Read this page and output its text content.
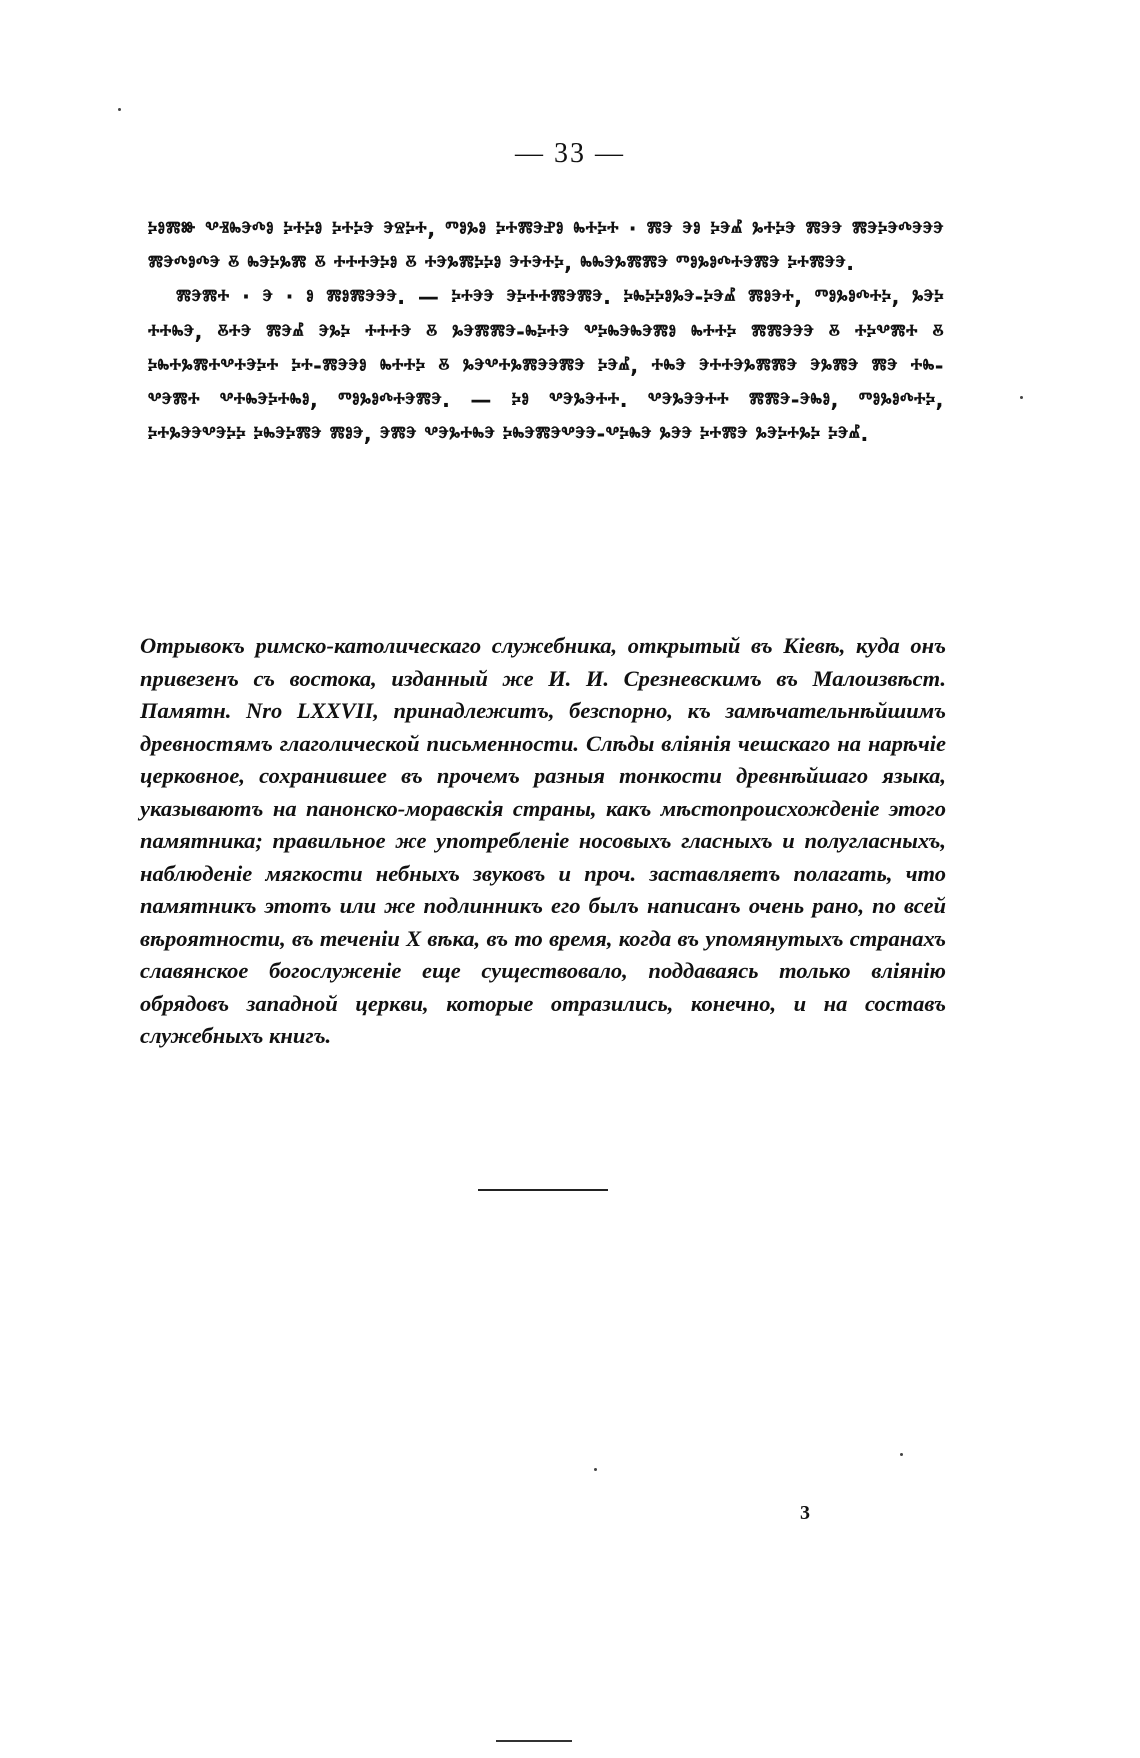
— 33 —

ⰽⱁⰿⱆ ⰲⱐⰸⰵⰴⱁ ⰽⰰⰽⱁ ⰽⰰⰽⰵ ⰵⱄⰽⰰ, ⱅⱁⰳⱁ ⰽⰰⰿⰵⱀⱁ ⰸⰰⰽⰰ · ⰿⰵ ⰵⱁ ⰽⰵⰼ ⰳⰰⰽⰵ ⰿⰵⰵ ⰿⰵⰽⰵⰴⰵⰵⰵ ⰿⰵⰴⱁⰴⰵ ⰻ ⰸⰵⰽⰳⰿ ⰻ ⰰⰰⰰⰵⰽⱁ ⰻ ⰰⰵⰳⰿⰽⰽⱁ ⰵⰰⰵⰰⰽ, ⰸⰸⰵⰳⰿⰿⰵ ⱅⱁⰳⱁⰴⰰⰵⰿⰵ ⰽⰰⰿⰵⰵ.

ⰿⰵⰿⰰ · ⰵ · ⱁ ⰿⱁⰿⰵⰵⰵ. — ⰽⰰⰵⰵ ⰵⰽⰰⰰⰿⰵⰿⰵ. ⰽⰸⰽⰽⱁⰳⰵ-ⰽⰵⰼ ⰿⱁⰵⰰ, ⱅⱁⰳⱁⰴⰰⰽ, ⰳⰵⰽ ⰰⰰⰸⰵ, ⰻⰰⰵ ⰿⰵⰼ ⰵⰳⰽ ⰰⰰⰰⰵ ⰻ ⰳⰵⰿⰿⰵ-ⰸⰽⰰⰵ ⰲⰽⰸⰵⰸⰵⰿⱁ ⰸⰰⰰⰽ ⰿⰿⰵⰵⰵ ⰻ ⰰⰽⰲⰿⰰ ⰻ ⰽⰸⰰⰳⰿⰰⰲⰰⰵⰽⰰ ⰽⰰ-ⰿⰵⰵⱁ ⰸⰰⰰⰽ ⰻ ⰳⰵⰲⰰⰳⰿⰵⰵⰿⰵ ⰽⰵⰼ, ⰰⰸⰵ ⰵⰰⰰⰵⰳⰿⰿⰵ ⰵⰳⰿⰵ ⰿⰵ ⰰⰸ-ⰲⰵⰿⰰ ⰲⰰⰸⰵⰽⰰⰸⱁ, ⱅⱁⰳⱁⰴⰰⰵⰿⰵ. — ⰽⱁ ⰲⰵⰳⰵⰰⰰ. ⰲⰵⰳⰵⰵⰰⰰ ⰿⰿⰵ-ⰵⰸⱁ, ⱅⱁⰳⱁⰴⰰⰽ, ⰽⰰⰳⰵⰵⰲⰵⰽⰽ ⰽⰸⰵⰽⰿⰵ ⰿⱁⰵ, ⰵⰿⰵ ⰲⰵⰳⰰⰸⰵ ⰽⰸⰵⰿⰵⰲⰵⰵ-ⰲⰽⰸⰵ ⰳⰵⰵ ⰽⰰⰿⰵ ⰳⰵⰽⰰⰳⰽ ⰽⰵⰼ.

Отрывокъ римско-католическаго служебника, открытый въ Кіевѣ, куда онъ привезенъ съ востока, изданный же И. И. Срезневскимъ въ Малоизвѣст. Памятн. Nro LXXVII, принадлежитъ, безспорно, къ замѣчательнѣйшимъ древностямъ глаголической письменности. Слѣды вліянія чешскаго на нарѣчіе церковное, сохранившее въ прочемъ разныя тонкости древнѣйшаго языка, указываютъ на панонско-моравскія страны, какъ мѣстопроисхожденіе этого памятника; правильное же употребленіе носовыхъ гласныхъ и полугласныхъ, наблюденіе мягкости небныхъ звуковъ и проч. заставляетъ полагать, что памятникъ этотъ или же подлинникъ его былъ написанъ очень рано, по всей вѣроятности, въ теченіи X вѣка, въ то время, когда въ упомянутыхъ странахъ славянское богослуженіе еще существовало, поддаваясь только вліянію обрядовъ западной церкви, которые отразились, конечно, и на составъ служебныхъ книгъ.

3
